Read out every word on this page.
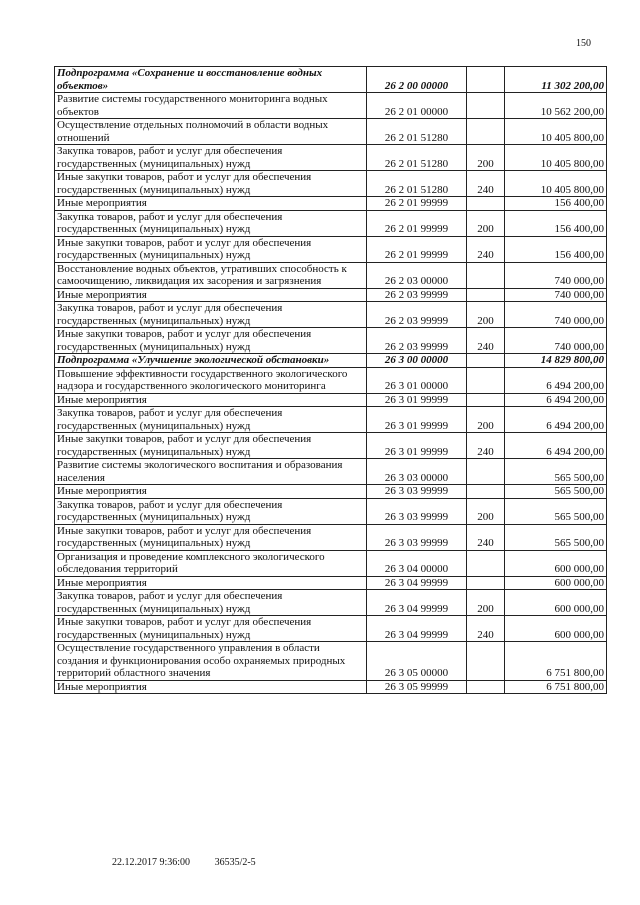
150
Подпрограмма «Сохранение и восстановление водных объектов»	26 2 00 00000		11 302 200,00
Развитие системы государственного мониторинга водных объектов	26 2 01 00000		10 562 200,00
Осуществление отдельных полномочий в области водных отношений	26 2 01 51280		10 405 800,00
Закупка товаров, работ и услуг для обеспечения государственных (муниципальных) нужд	26 2 01 51280	200	10 405 800,00
Иные закупки товаров, работ и услуг для обеспечения государственных (муниципальных) нужд	26 2 01 51280	240	10 405 800,00
Иные мероприятия	26 2 01 99999		156 400,00
Закупка товаров, работ и услуг для обеспечения государственных (муниципальных) нужд	26 2 01 99999	200	156 400,00
Иные закупки товаров, работ и услуг для обеспечения государственных (муниципальных) нужд	26 2 01 99999	240	156 400,00
Восстановление водных объектов, утративших способность к самоочищению, ликвидация их засорения и загрязнения	26 2 03 00000		740 000,00
Иные мероприятия	26 2 03 99999		740 000,00
Закупка товаров, работ и услуг для обеспечения государственных (муниципальных) нужд	26 2 03 99999	200	740 000,00
Иные закупки товаров, работ и услуг для обеспечения государственных (муниципальных) нужд	26 2 03 99999	240	740 000,00
Подпрограмма «Улучшение экологической обстановки»	26 3 00 00000		14 829 800,00
Повышение эффективности государственного экологического надзора и государственного экологического мониторинга	26 3 01 00000		6 494 200,00
Иные мероприятия	26 3 01 99999		6 494 200,00
Закупка товаров, работ и услуг для обеспечения государственных (муниципальных) нужд	26 3 01 99999	200	6 494 200,00
Иные закупки товаров, работ и услуг для обеспечения государственных (муниципальных) нужд	26 3 01 99999	240	6 494 200,00
Развитие системы экологического воспитания и образования населения	26 3 03 00000		565 500,00
Иные мероприятия	26 3 03 99999		565 500,00
Закупка товаров, работ и услуг для обеспечения государственных (муниципальных) нужд	26 3 03 99999	200	565 500,00
Иные закупки товаров, работ и услуг для обеспечения государственных (муниципальных) нужд	26 3 03 99999	240	565 500,00
Организация и проведение комплексного экологического обследования территорий	26 3 04 00000		600 000,00
Иные мероприятия	26 3 04 99999		600 000,00
Закупка товаров, работ и услуг для обеспечения государственных (муниципальных) нужд	26 3 04 99999	200	600 000,00
Иные закупки товаров, работ и услуг для обеспечения государственных (муниципальных) нужд	26 3 04 99999	240	600 000,00
Осуществление государственного управления в области создания и функционирования особо охраняемых природных территорий областного значения	26 3 05 00000		6 751 800,00
Иные мероприятия	26 3 05 99999		6 751 800,00
22.12.2017 9:36:00 36535/2-5
